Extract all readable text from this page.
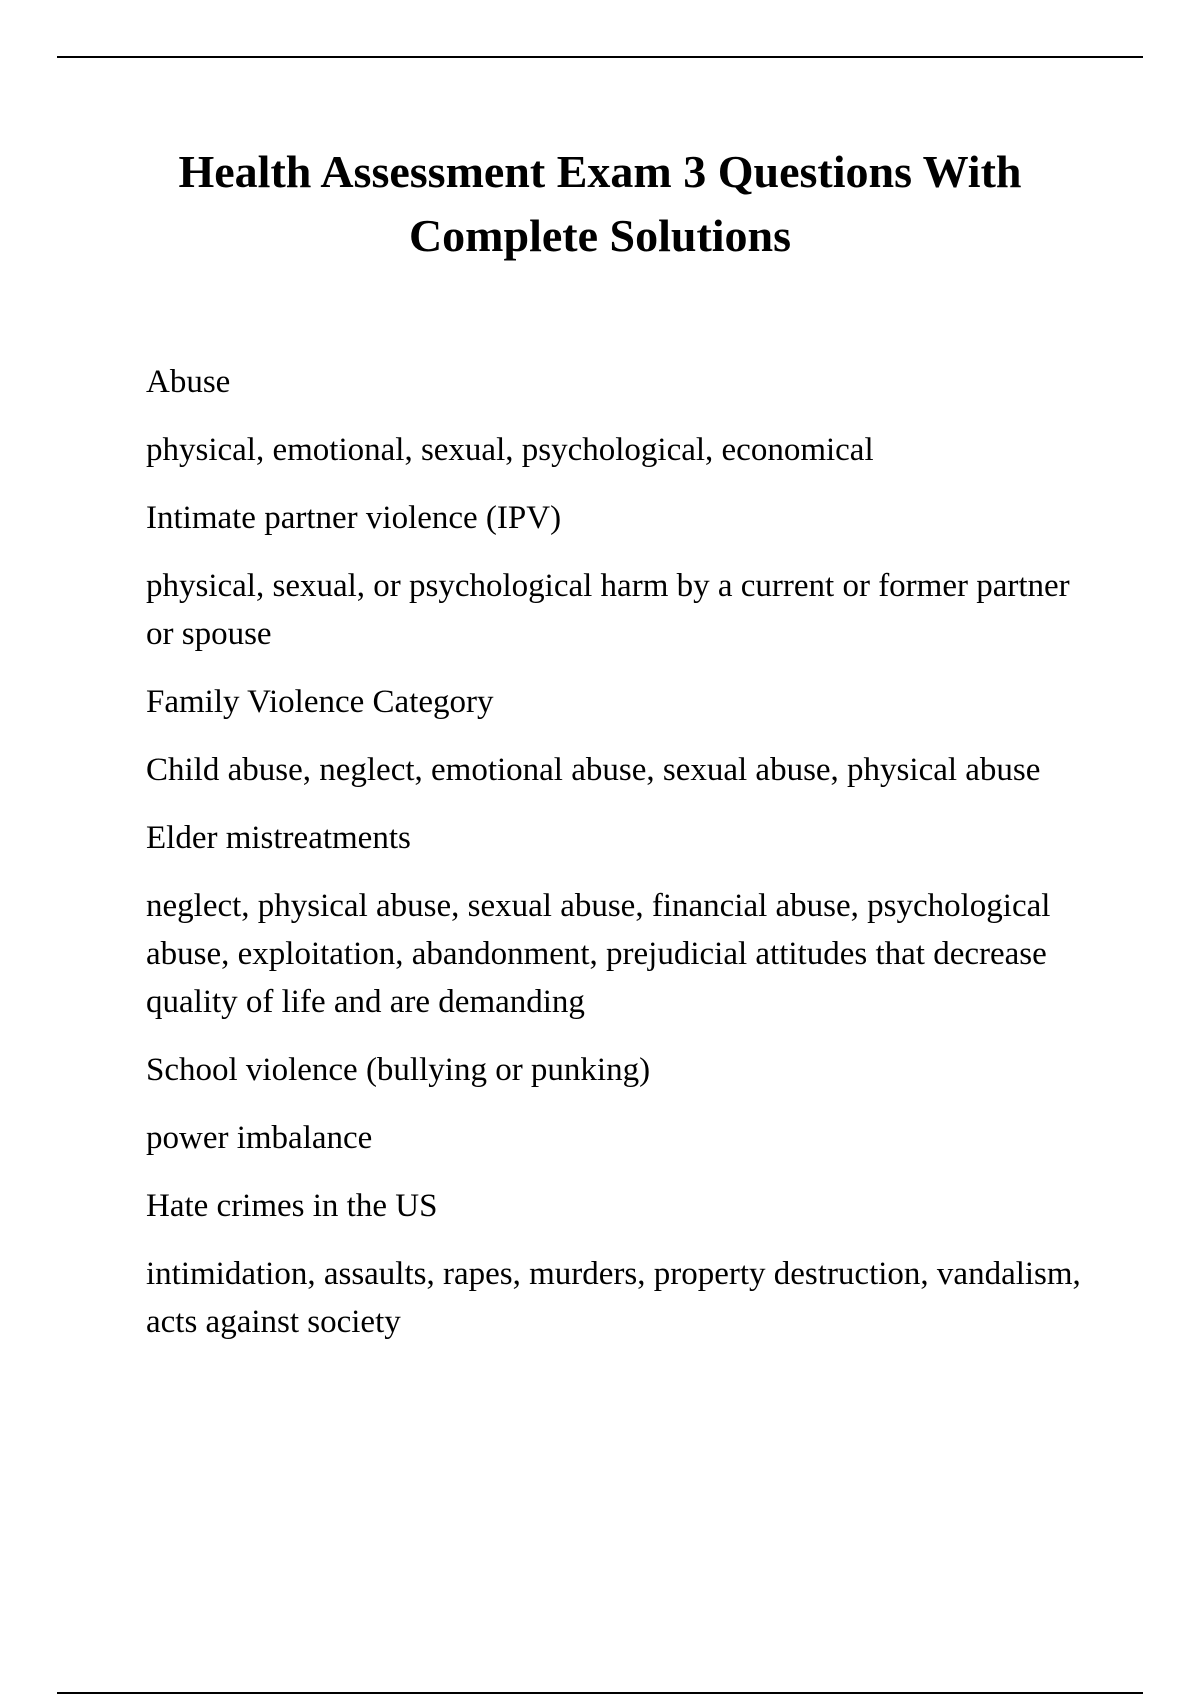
Health Assessment Exam 3 Questions With
Complete Solutions

Abuse

physical, emotional, sexual, psychological, economical

Intimate partner violence (IPV)

physical, sexual, or psychological harm by a current or former partner or spouse

Family Violence Category

Child abuse, neglect, emotional abuse, sexual abuse, physical abuse

Elder mistreatments

neglect, physical abuse, sexual abuse, financial abuse, psychological abuse, exploitation, abandonment, prejudicial attitudes that decrease quality of life and are demanding

School violence (bullying or punking)

power imbalance

Hate crimes in the US

intimidation, assaults, rapes, murders, property destruction, vandalism, acts against society
